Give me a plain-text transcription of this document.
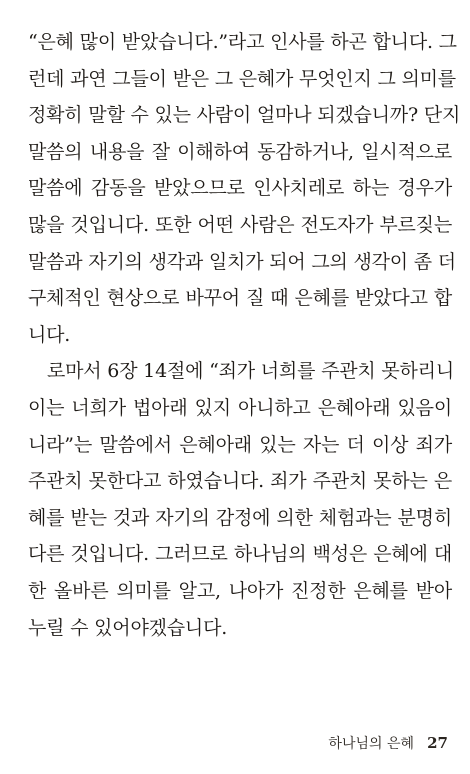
“은혜 많이 받았습니다.”라고 인사를 하곤 합니다. 그
런데 과연 그들이 받은 그 은혜가 무엇인지 그 의미를
정확히 말할 수 있는 사람이 얼마나 되겠습니까? 단지
말씀의 내용을 잘 이해하여 동감하거나, 일시적으로
말씀에 감동을 받았으므로 인사치레로 하는 경우가
많을 것입니다. 또한 어떤 사람은 전도자가 부르짖는
말씀과 자기의 생각과 일치가 되어 그의 생각이 좀 더
구체적인 현상으로 바꾸어 질 때 은혜를 받았다고 합
니다.
로마서 6장 14절에 “죄가 너희를 주관치 못하리니
이는 너희가 법아래 있지 아니하고 은혜아래 있음이
니라”는 말씀에서 은혜아래 있는 자는 더 이상 죄가
주관치 못한다고 하였습니다. 죄가 주관치 못하는 은
혜를 받는 것과 자기의 감정에 의한 체험과는 분명히
다른 것입니다. 그러므로 하나님의 백성은 은혜에 대
한 올바른 의미를 알고, 나아가 진정한 은혜를 받아
누릴 수 있어야겠습니다.
하나님의 은혜 27
